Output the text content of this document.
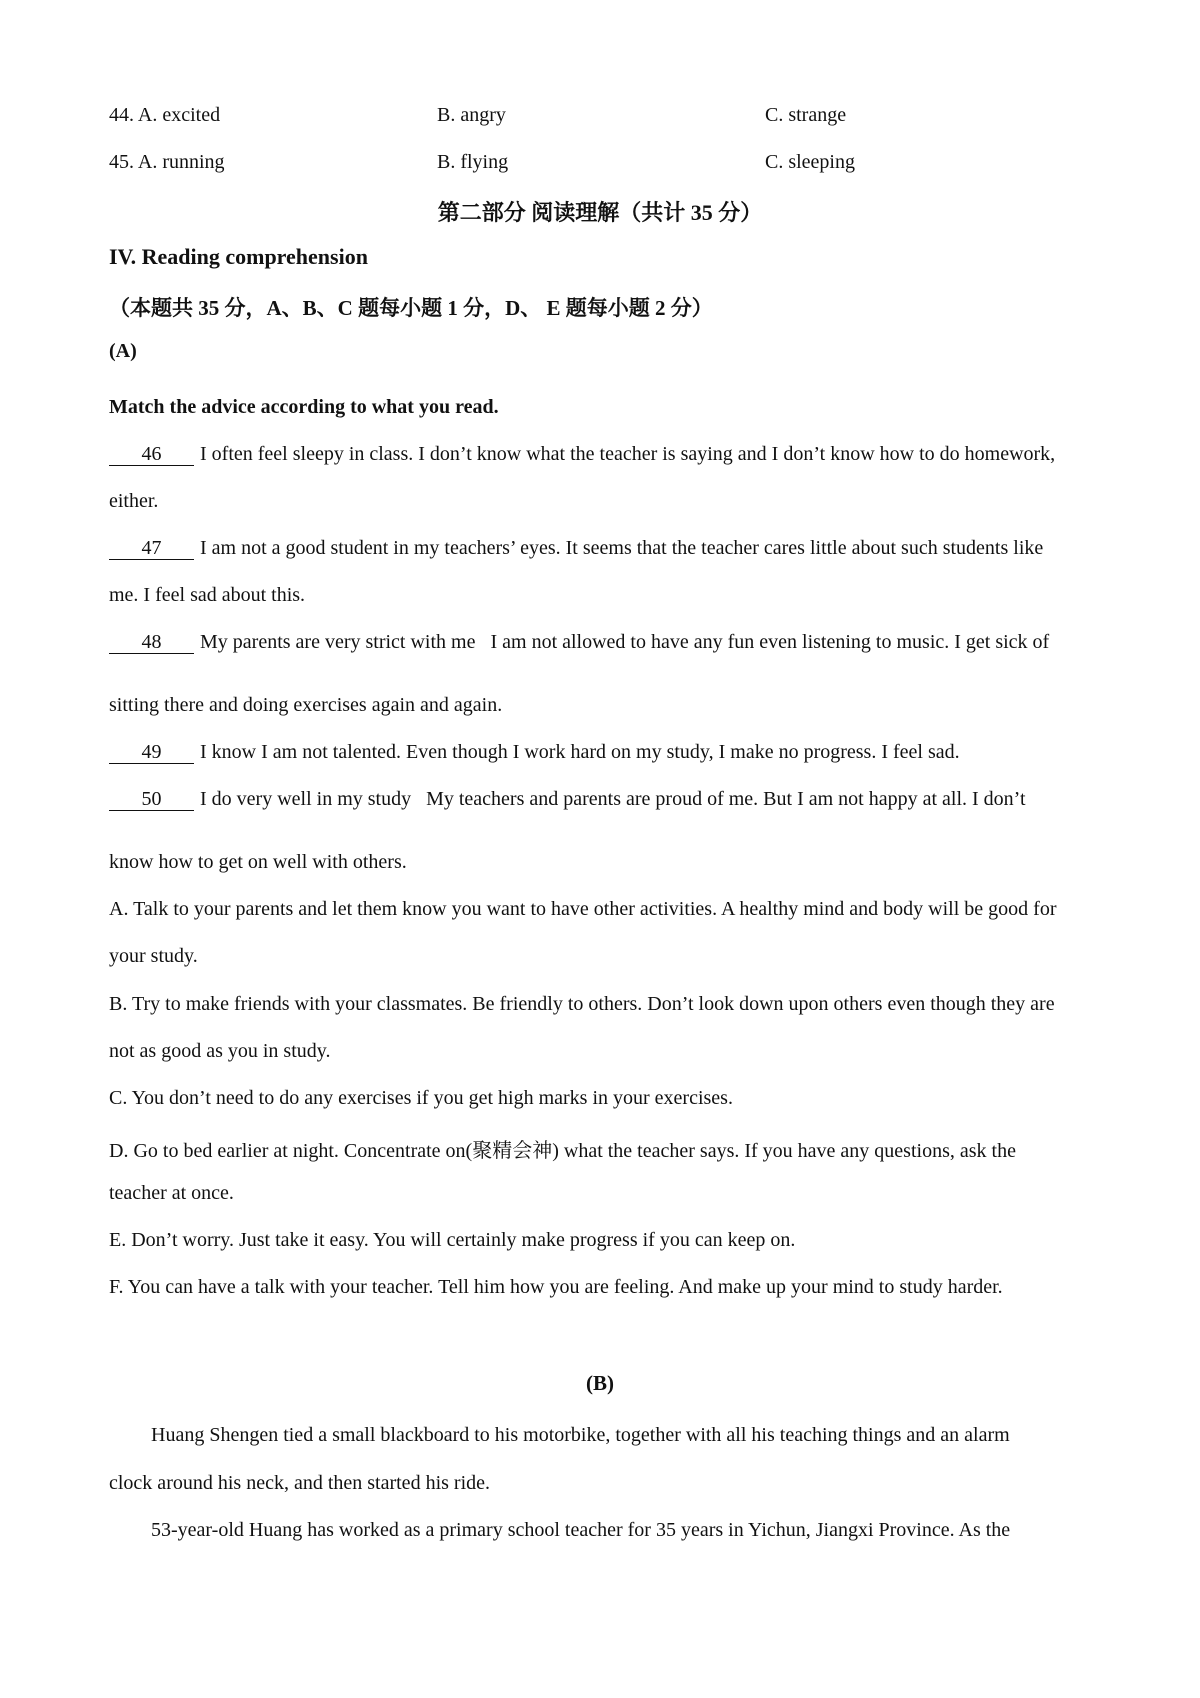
44. A. excited	B. angry	C. strange
45. A. running	B. flying	C. sleeping
第二部分 阅读理解（共计 35 分）
IV. Reading comprehension
（本题共 35 分，A、B、C 题每小题 1 分，D、 E 题每小题 2 分）
(A)
Match the advice according to what you read.
46 I often feel sleepy in class. I don’t know what the teacher is saying and I don’t know how to do homework,
either.
47 I am not a good student in my teachers’ eyes. It seems that the teacher cares little about such students like
me. I feel sad about this.
48 My parents are very strict with me   I am not allowed to have any fun even listening to music. I get sick of
sitting there and doing exercises again and again.
49 I know I am not talented. Even though I work hard on my study, I make no progress. I feel sad.
50 I do very well in my study   My teachers and parents are proud of me. But I am not happy at all. I don’t
know how to get on well with others.
A. Talk to your parents and let them know you want to have other activities. A healthy mind and body will be good for
your study.
B. Try to make friends with your classmates. Be friendly to others. Don’t look down upon others even though they are
not as good as you in study.
C. You don’t need to do any exercises if you get high marks in your exercises.
D. Go to bed earlier at night. Concentrate on(聚精会神) what the teacher says. If you have any questions, ask the
teacher at once.
E. Don’t worry. Just take it easy. You will certainly make progress if you can keep on.
F. You can have a talk with your teacher. Tell him how you are feeling. And make up your mind to study harder.
(B)
Huang Shengen tied a small blackboard to his motorbike, together with all his teaching things and an alarm
clock around his neck, and then started his ride.
53-year-old Huang has worked as a primary school teacher for 35 years in Yichun, Jiangxi Province. As the
